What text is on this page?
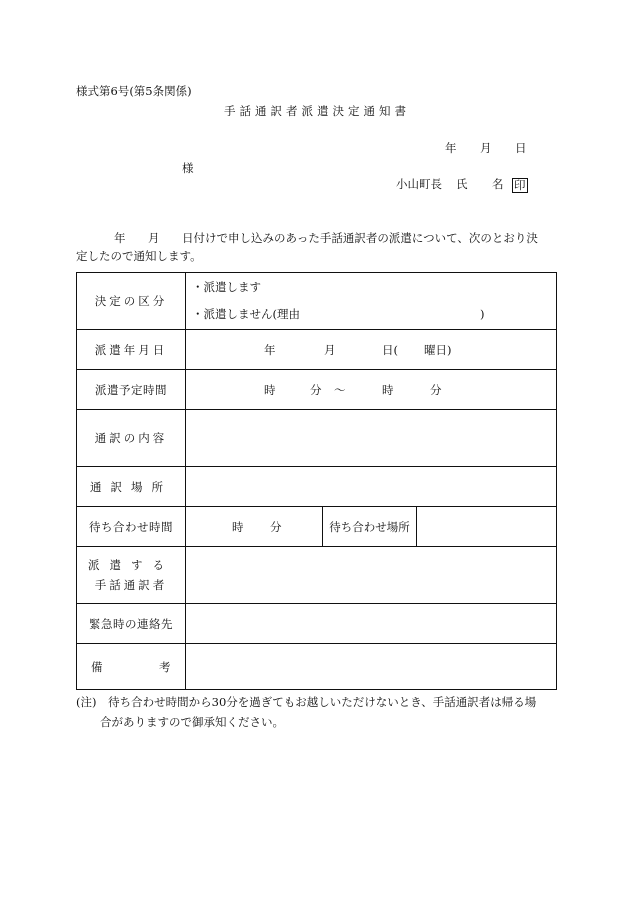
様式第6号(第5条関係)
手話通訳者派遣決定通知書
年 月 日
様
小山町長 氏 名 印
年 月 日付けで申し込みのあった手話通訳者の派遣について、次のとおり決
定したので通知します。
決定の区分	・派遣します
・派遣しません(理由 )		

派遣年月日	年 月 日( 曜日)		

派遣予定時間	時 分 〜 時 分		

通訳の内容			
通訳場所			
待ち合わせ時間	時 分	待ち合わせ場所	

派遣する
手話通訳者			

緊急時の連絡先			

備 考			

(注) 待ち合わせ時間から30分を過ぎてもお越しいただけないとき、手話通訳者は帰る場
合がありますので御承知ください。
